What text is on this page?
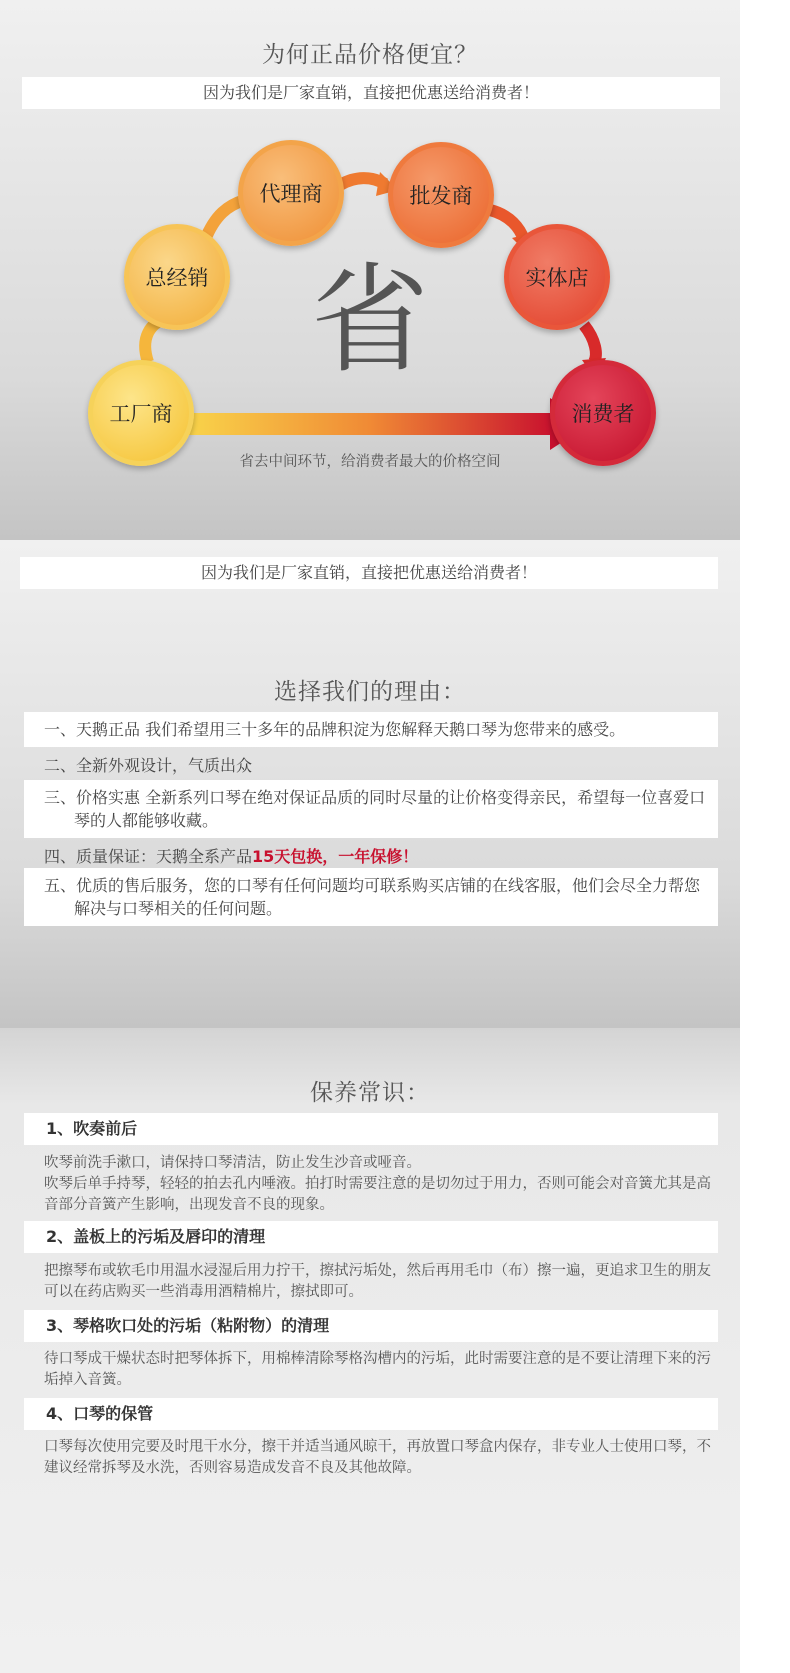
为何正品价格便宜？
因为我们是厂家直销，直接把优惠送给消费者！
工厂商
总经销
代理商	批发商
实体店
消费者
省
省去中间环节，给消费者最大的价格空间
因为我们是厂家直销，直接把优惠送给消费者！
选择我们的理由：
一、天鹅正品 我们希望用三十多年的品牌积淀为您解释天鹅口琴为您带来的感受。
二、全新外观设计，气质出众
三、价格实惠 全新系列口琴在绝对保证品质的同时尽量的让价格变得亲民，希望每一位喜爱口琴的人都能够收藏。
四、质量保证：天鹅全系产品15天包换，一年保修！
五、优质的售后服务，您的口琴有任何问题均可联系购买店铺的在线客服，他们会尽全力帮您解决与口琴相关的任何问题。
保养常识：
1、吹奏前后
吹琴前洗手漱口，请保持口琴清洁，防止发生沙音或哑音。
吹琴后单手持琴，轻轻的拍去孔内唾液。拍打时需要注意的是切勿过于用力，否则可能会对音簧尤其是高音部分音簧产生影响，出现发音不良的现象。
2、盖板上的污垢及唇印的清理
把擦琴布或软毛巾用温水浸湿后用力拧干，擦拭污垢处，然后再用毛巾（布）擦一遍，更追求卫生的朋友可以在药店购买一些消毒用酒精棉片，擦拭即可。
3、琴格吹口处的污垢（粘附物）的清理
待口琴成干燥状态时把琴体拆下，用棉棒清除琴格沟槽内的污垢，此时需要注意的是不要让清理下来的污垢掉入音簧。
4、口琴的保管
口琴每次使用完要及时甩干水分，擦干并适当通风晾干，再放置口琴盒内保存，非专业人士使用口琴，不建议经常拆琴及水洗，否则容易造成发音不良及其他故障。
